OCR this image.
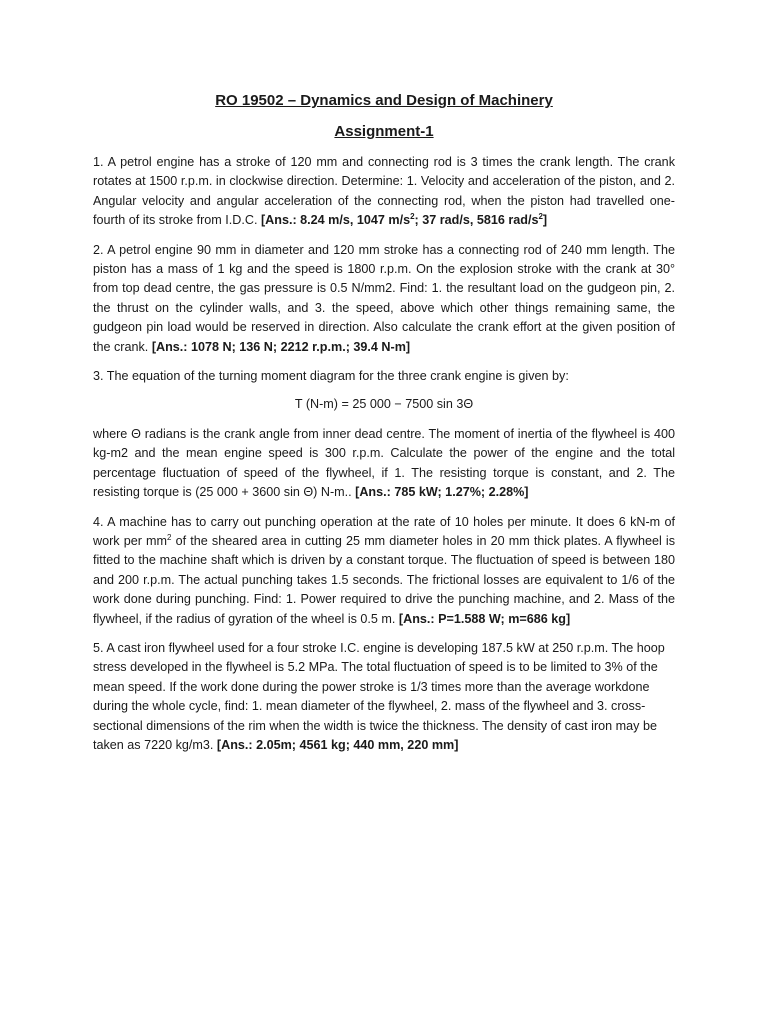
RO 19502 – Dynamics and Design of Machinery

Assignment-1

1. A petrol engine has a stroke of 120 mm and connecting rod is 3 times the crank length. The crank rotates at 1500 r.p.m. in clockwise direction. Determine: 1. Velocity and acceleration of the piston, and 2. Angular velocity and angular acceleration of the connecting rod, when the piston had travelled one-fourth of its stroke from I.D.C. [Ans.: 8.24 m/s, 1047 $m/s^2$; 37 rad/s, 5816 rad/$s^2$]

2. A petrol engine 90 mm in diameter and 120 mm stroke has a connecting rod of 240 mm length. The piston has a mass of 1 kg and the speed is 1800 r.p.m. On the explosion stroke with the crank at 30° from top dead centre, the gas pressure is 0.5 N/mm2. Find: 1. the resultant load on the gudgeon pin, 2. the thrust on the cylinder walls, and 3. the speed, above which other things remaining same, the gudgeon pin load would be reserved in direction. Also calculate the crank effort at the given position of the crank. [Ans.: 1078 N; 136 N; 2212 r.p.m.; 39.4 N-m]

3. The equation of the turning moment diagram for the three crank engine is given by:

T (N-m) = 25 000 − 7500 sin 3Θ

where Θ radians is the crank angle from inner dead centre. The moment of inertia of the flywheel is 400 kg-m2 and the mean engine speed is 300 r.p.m. Calculate the power of the engine and the total percentage fluctuation of speed of the flywheel, if 1. The resisting torque is constant, and 2. The resisting torque is (25 000 + 3600 sin Θ) N-m.. [Ans.: 785 kW; 1.27%; 2.28%]

4. A machine has to carry out punching operation at the rate of 10 holes per minute. It does 6 kN-m of work per $mm^2$ of the sheared area in cutting 25 mm diameter holes in 20 mm thick plates. A flywheel is fitted to the machine shaft which is driven by a constant torque. The fluctuation of speed is between 180 and 200 r.p.m. The actual punching takes 1.5 seconds. The frictional losses are equivalent to 1/6 of the work done during punching. Find: 1. Power required to drive the punching machine, and 2. Mass of the flywheel, if the radius of gyration of the wheel is 0.5 m. [Ans.: P=1.588 W; m=686 kg]

5. A cast iron flywheel used for a four stroke I.C. engine is developing 187.5 kW at 250 r.p.m. The hoop stress developed in the flywheel is 5.2 MPa. The total fluctuation of speed is to be limited to 3% of the mean speed. If the work done during the power stroke is 1/3 times more than the average workdone during the whole cycle, find: 1. mean diameter of the flywheel, 2. mass of the flywheel and 3. cross-sectional dimensions of the rim when the width is twice the thickness. The density of cast iron may be taken as 7220 kg/m3. [Ans.: 2.05m; 4561 kg; 440 mm, 220 mm]
